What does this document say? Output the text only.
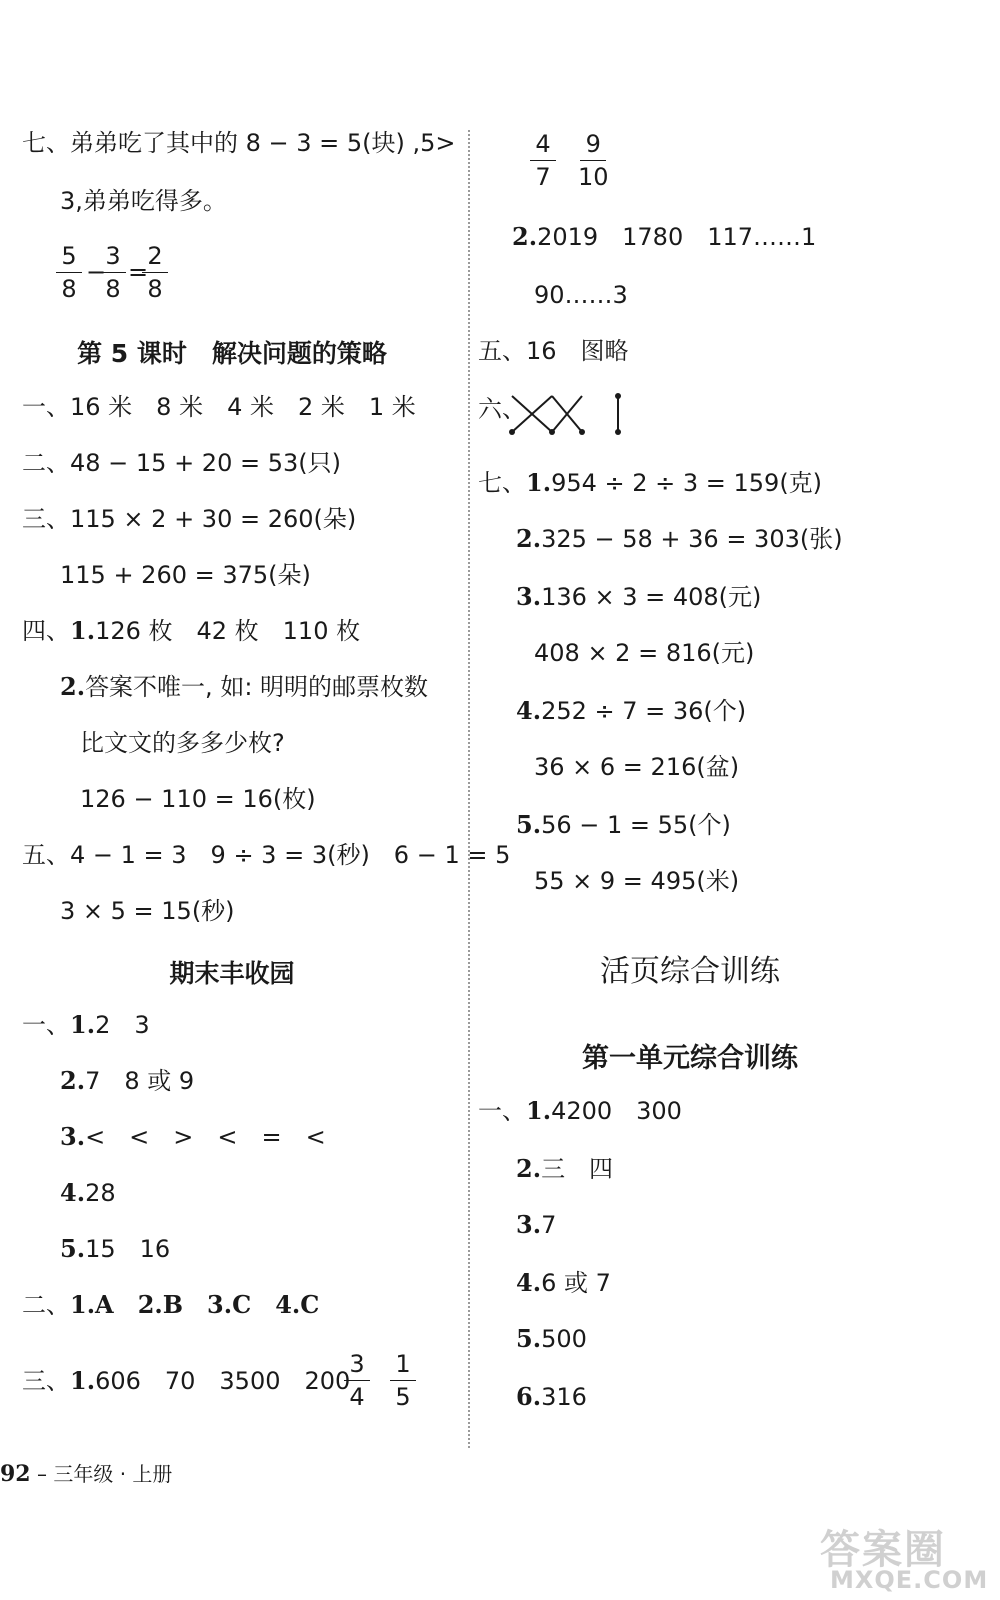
七、弟弟吃了其中的 8 − 3 = 5(块) ,5>
3,弟弟吃得多。
5
8
−
3
8
=
2
8
第 5 课时　解决问题的策略
一、16 米　8 米　4 米　2 米　1 米
二、48 − 15 + 20 = 53(只)
三、115 × 2 + 30 = 260(朵)
115 + 260 = 375(朵)
四、1.126 枚　42 枚　110 枚
2.答案不唯一, 如: 明明的邮票枚数
比文文的多多少枚?
126 − 110 = 16(枚)
五、4 − 1 = 3　9 ÷ 3 = 3(秒)　6 − 1 = 5
3 × 5 = 15(秒)
期末丰收园
一、1.2　3
2.7　8 或 9
3.<　<　>　<　=　<
4.28
5.15　16
二、1.A　 2.B　 3.C　 4.C
三、1.606　70　3500　200
3
4
1
5
4
7
9
10
2.2019　1780　117……1
90……3
五、16　图略
六、
七、1.954 ÷ 2 ÷ 3 = 159(克)
2.325 − 58 + 36 = 303(张)
3.136 × 3 = 408(元)
408 × 2 = 816(元)
4.252 ÷ 7 = 36(个)
36 × 6 = 216(盆)
5.56 − 1 = 55(个)
55 × 9 = 495(米)
活页综合训练
第一单元综合训练
一、1.4200　300
2.三　四
3.7
4.6 或 7
5.500
6.316
92 – 三年级 · 上册
答案圈
MXQE.COM
